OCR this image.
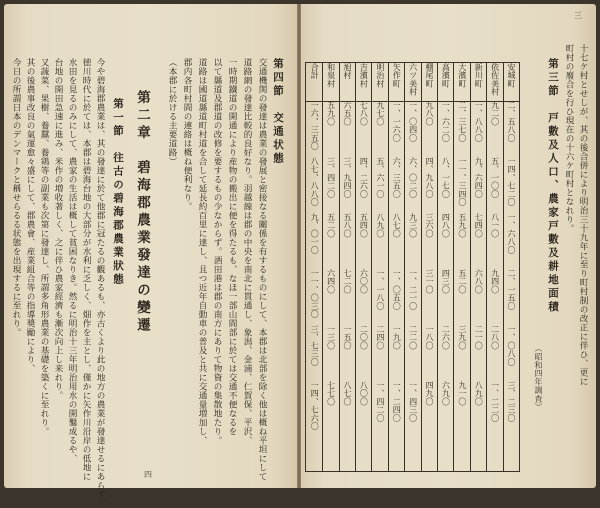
第四節　交通状態
交通機関の發達は農業の發展と密接なる關係を有するものにして、本郡は北部を除く他は概ね平坦にして
道路網の發達比較的良好なり。羽越線は郡の中央を南北に貫通し、象潟、金浦、仁賀保、平沢、
一時期鐵道の開通により産物の搬出に便を得たるも、なほ一部山間部に於ては交通不便なるを
以て縣道及郡道の改修を要するもの少なからず。酒田港は郡の南方にありて物資の集散地たり。
道路は國道縣道町村道を合して延長約百里に達し、且つ近年自動車の普及と共に交通量増加し、
郡内各町村間の連絡は概ね便利なり。
（本郡に於ける主要道路）
第二章　碧海郡農業發達の變遷
第一節　往古の碧海郡農業狀態
今や碧海郡農業は、其の發達に於て他郡に冠たるの觀あるも、亦古くより此の地方の農業が發達せるにあらず。
徳川時代に於ては、本郡は碧海台地の大部分が水利に乏しく、畑作を主とし、僅かに矢作川沿岸の低地に
水田を見るのみにして、農家の生活は概して貧困なりき。然るに明治十三年明治用水の開鑿成るや、
台地の開田急速に進み、米作の増收著しく、之に伴ひ農家經濟も漸次向上し来れり。
又蔬菜、果樹、養蠶、養鶏等の副業も次第に發達し、所謂多角形農業の基礎を築くに至れり。
其の後農事改良の氣運愈々盛にして、郡農會、産業組合等の指導奬勵により、
今日の所謂日本のデンマークと稱せらるる状態を出現するに至れり。
四
十七ケ村とせしが、其の後合併により明治三十九年に至り町村制の改正に伴ひ、更に
町村の廢合を行ひ現在の十六ケ町村となれり。
第三節　戸數及人口、農家戸數及耕地面積
（昭和四年調査）
安城町二、五八〇一四、七二〇一、六八〇二、一五〇一、〇八〇三、二三〇
依佐美村九二〇五、一〇〇八一〇九四〇二八〇一、二二〇
新川町一、八八〇九、六四〇七四〇六八〇二一〇八九〇
大濱町二、三七〇一一、三四〇五九〇五二〇三九〇九一〇
高濱町一、六二〇八、一七〇四八〇四三〇二六〇六九〇
棚尾町九八〇四、九八〇三六〇三一〇一八〇四九〇
六ツ美村一、〇四〇六、〇二〇九三〇一、二一〇二二〇一、四三〇
矢作町一、一六〇六、三五〇八七〇一、〇五〇一九〇一、二四〇
明治村九七〇五、六一〇八九〇一、一八〇二四〇一、四二〇
吉濱村七八〇四、二六〇五四〇六〇〇二〇〇八〇〇
旭村六五〇三、九四〇五八〇七二〇一五〇八七〇
和泉村五九〇三、四二〇五二〇六四〇一三〇七七〇
合計一六、三五〇八七、八八〇九、〇一〇一一、〇三〇三、七三〇一四、七六〇
三
